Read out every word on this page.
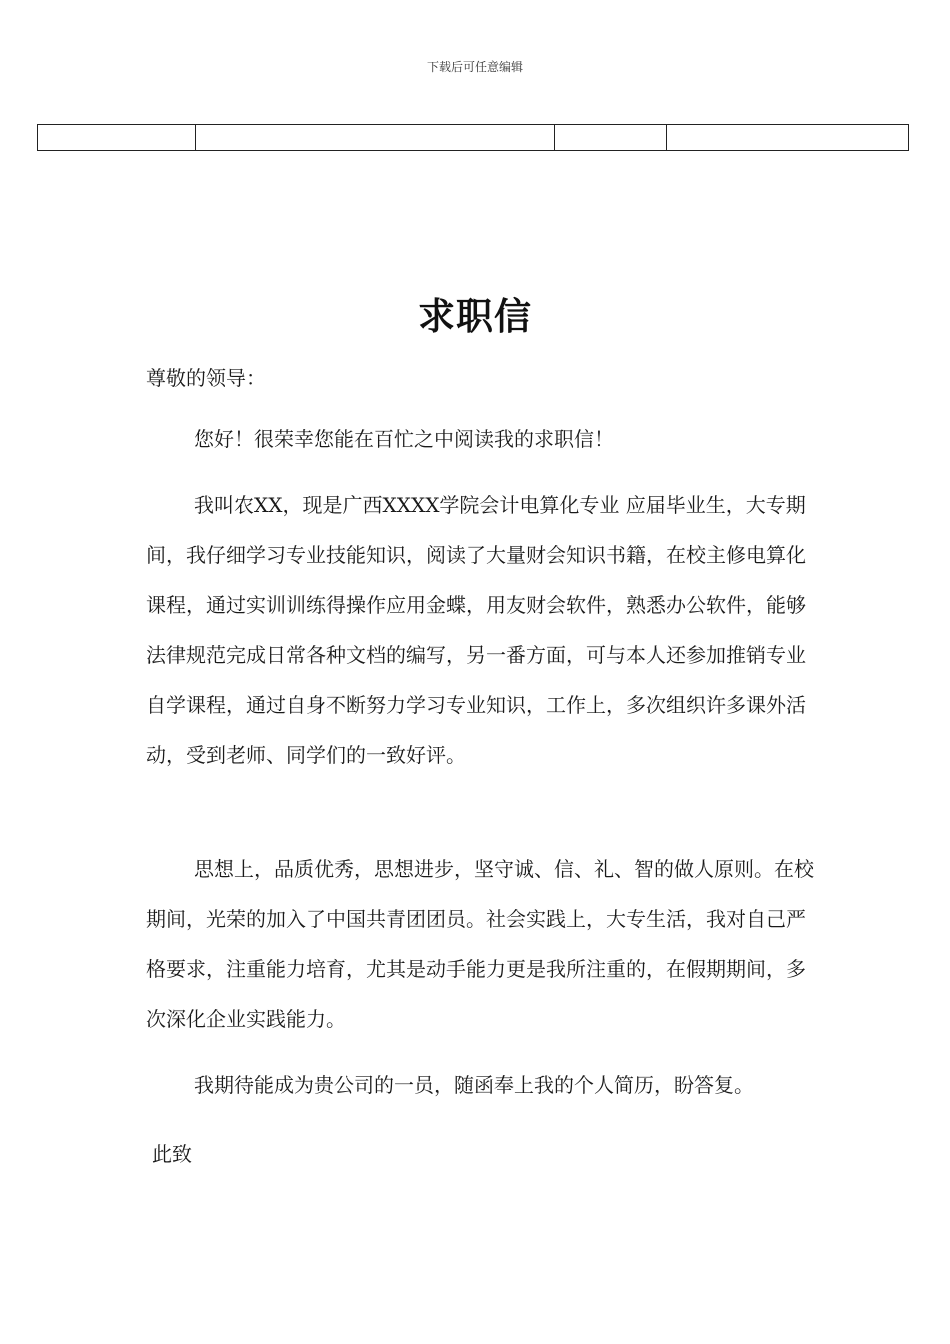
下载后可任意编辑

求职信
尊敬的领导：
您好！很荣幸您能在百忙之中阅读我的求职信！
我叫农XX，现是广西XXXX学院会计电算化专业 应届毕业生，大专期间，我仔细学习专业技能知识，阅读了大量财会知识书籍，在校主修电算化课程，通过实训训练得操作应用金蝶，用友财会软件，熟悉办公软件，能够法律规范完成日常各种文档的编写，另一番方面，可与本人还参加推销专业自学课程，通过自身不断努力学习专业知识，工作上，多次组织许多课外活动，受到老师、同学们的一致好评。
思想上，品质优秀，思想进步，坚守诚、信、礼、智的做人原则。在校期间，光荣的加入了中国共青团团员。社会实践上，大专生活，我对自己严格要求，注重能力培育，尤其是动手能力更是我所注重的，在假期期间，多次深化企业实践能力。
我期待能成为贵公司的一员，随函奉上我的个人简历，盼答复。
此致
